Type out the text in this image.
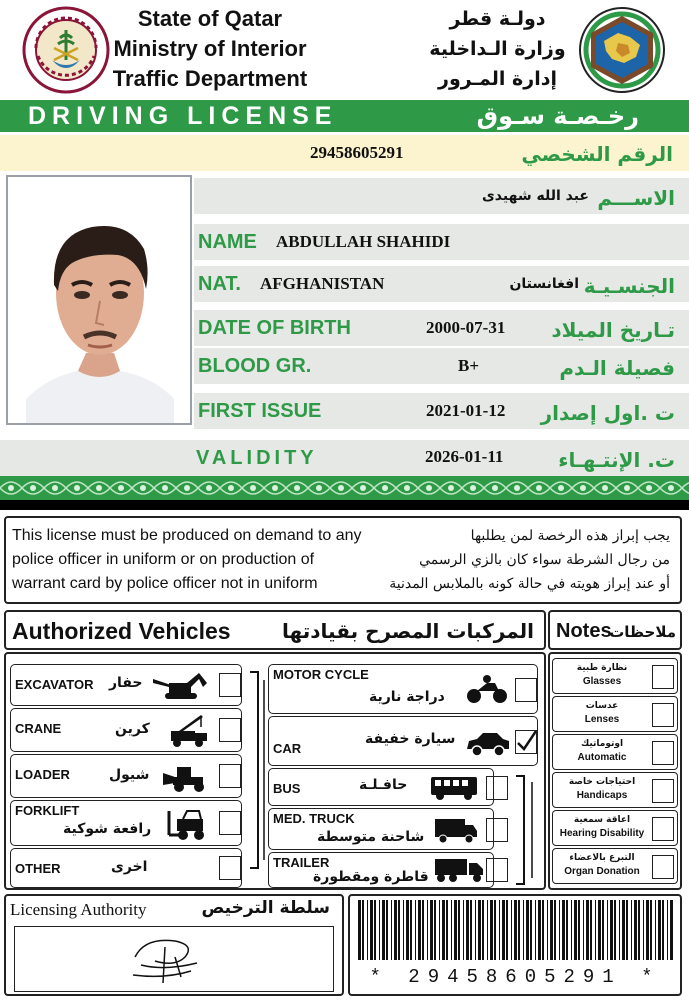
State of Qatar
Ministry of Interior
Traffic Department
دولـة قطر
وزارة الـداخلية
إدارة المـرور
DRIVING LICENSE	رخـصـة سـوق
29458605291	الرقم الشخصي
عبد الله شهيدى الاســـم
NAME ABDULLAH SHAHIDI
NAT. AFGHANISTAN	افغانستان الجنسـيـة
DATE OF BIRTH	2000-07-31 تـاريخ الميلاد
BLOOD GR.	B+	فصيلة الـدم
FIRST ISSUE	2021-01-12 ت .اول إصدار
VALIDITY	2026-01-11	ت. الإنتـهـاء
This license must be produced on demand to any
police officer in uniform or on production of
warrant card by police officer not in uniform
يجب إبراز هذه الرخصة لمن يطلبها
من رجال الشرطة سواء كان بالزي الرسمي
أو عند إبراز هويته في حالة كونه بالملابس المدنية
Authorized Vehicles	المركبات المصرح بقيادتها Notes
ملاحظات
EXCAVATOR حفار
CRANE	كرين
LOADER	شيول
FORKLIFT
رافعة شوكية
OTHER	اخرى
MOTOR CYCLE
دراجة نارية
CAR
سيارة خفيفة
BUS	حافـلـة
MED. TRUCK
شاحنة متوسطة
TRAILER
قاطرة ومقطورة
نظارة طبية
Glasses
عدسات
Lenses
اوتوماتيك
Automatic
احتياجات خاصة
Handicaps
اعاقة سمعية
Hearing Disability
التبرع بالاعضاء
Organ Donation
Licensing Authority	سلطة الترخيص
* 29458605291 *
